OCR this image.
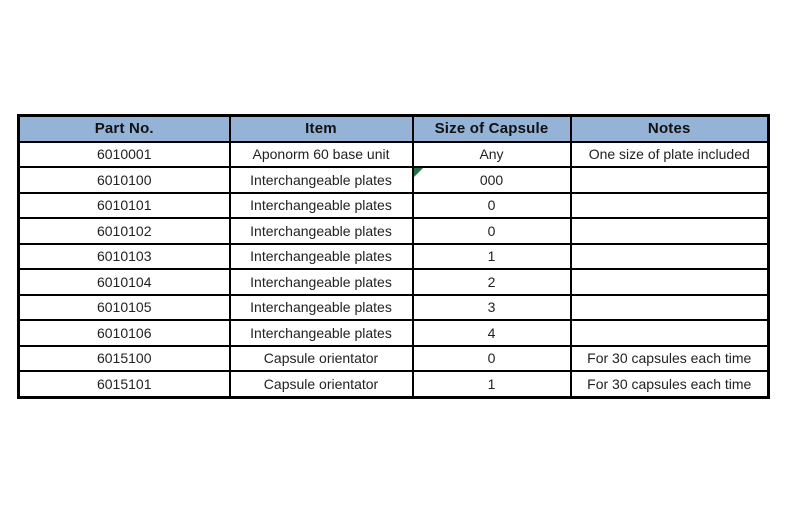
Part No.	Item	Size of Capsule	Notes
6010001	Aponorm 60 base unit	Any	One size of plate included
6010100	Interchangeable plates	000	
6010101	Interchangeable plates	0	
6010102	Interchangeable plates	0	
6010103	Interchangeable plates	1	
6010104	Interchangeable plates	2	
6010105	Interchangeable plates	3	
6010106	Interchangeable plates	4	
6015100	Capsule orientator	0	For 30 capsules each time
6015101	Capsule orientator	1	For 30 capsules each time
